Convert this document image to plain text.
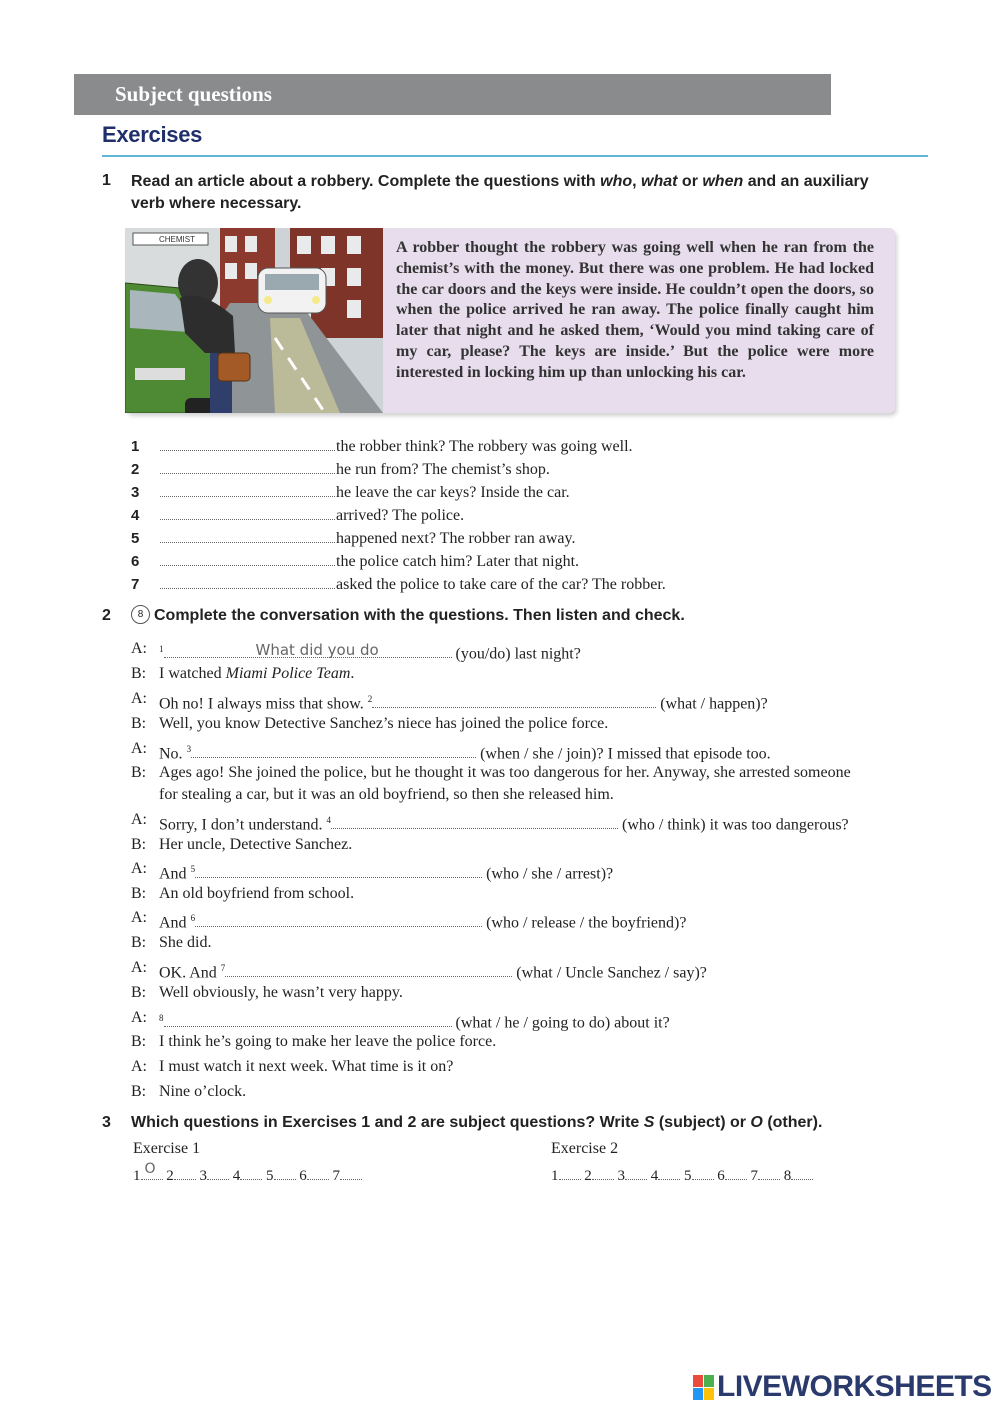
Subject questions
Exercises
1 Read an article about a robbery. Complete the questions with who, what or when and an auxiliary
verb where necessary.
CHEMIST	A robber thought the robbery was going well when he ran from the chemist’s with the money. But there was one problem. He had locked the car doors and the keys were inside. He couldn’t open the doors, so when the police arrived he ran away. The police finally caught him later that night and he asked them, ‘Would you mind taking care of my car, please? The keys are inside.’ But the police were more interested in locking him up than unlocking his car.
1	the robber think? The robbery was going well.
2	he run from? The chemist’s shop.
3	he leave the car keys? Inside the car.
4	arrived? The police.
5	happened next? The robber ran away.
6	the police catch him? Later that night.
7	asked the police to take care of the car? The robber.
2	8 Complete the conversation with the questions. Then listen and check.
A: $^1$	What did you do	(you/do) last night?
B: I watched Miami Police Team.
A: Oh no! I always miss that show. $^2$	(what / happen)?
B: Well, you know Detective Sanchez’s niece has joined the police force.
A: No. $^3$	(when / she / join)? I missed that episode too.
B: Ages ago! She joined the police, but he thought it was too dangerous for her. Anyway, she arrested someone
for stealing a car, but it was an old boyfriend, so then she released him.
A: Sorry, I don’t understand. $^4$	(who / think) it was too dangerous?
B: Her uncle, Detective Sanchez.
A: And $^5$	(who / she / arrest)?
B: An old boyfriend from school.
A: And $^6$	(who / release / the boyfriend)?
B: She did.
A: OK. And $^7$	(what / Uncle Sanchez / say)?
B: Well obviously, he wasn’t very happy.
A: $^8$	(what / he / going to do) about it?
B: I think he’s going to make her leave the police force.
A: I must watch it next week. What time is it on?
B: Nine o’clock.
3 Which questions in Exercises 1 and 2 are subject questions? Write S (subject) or O (other).
Exercise 1	Exercise 2
1 O 2 3 4 5 6 7	1 2 3 4 5 6 7 8
LIVEWORKSHEETS
